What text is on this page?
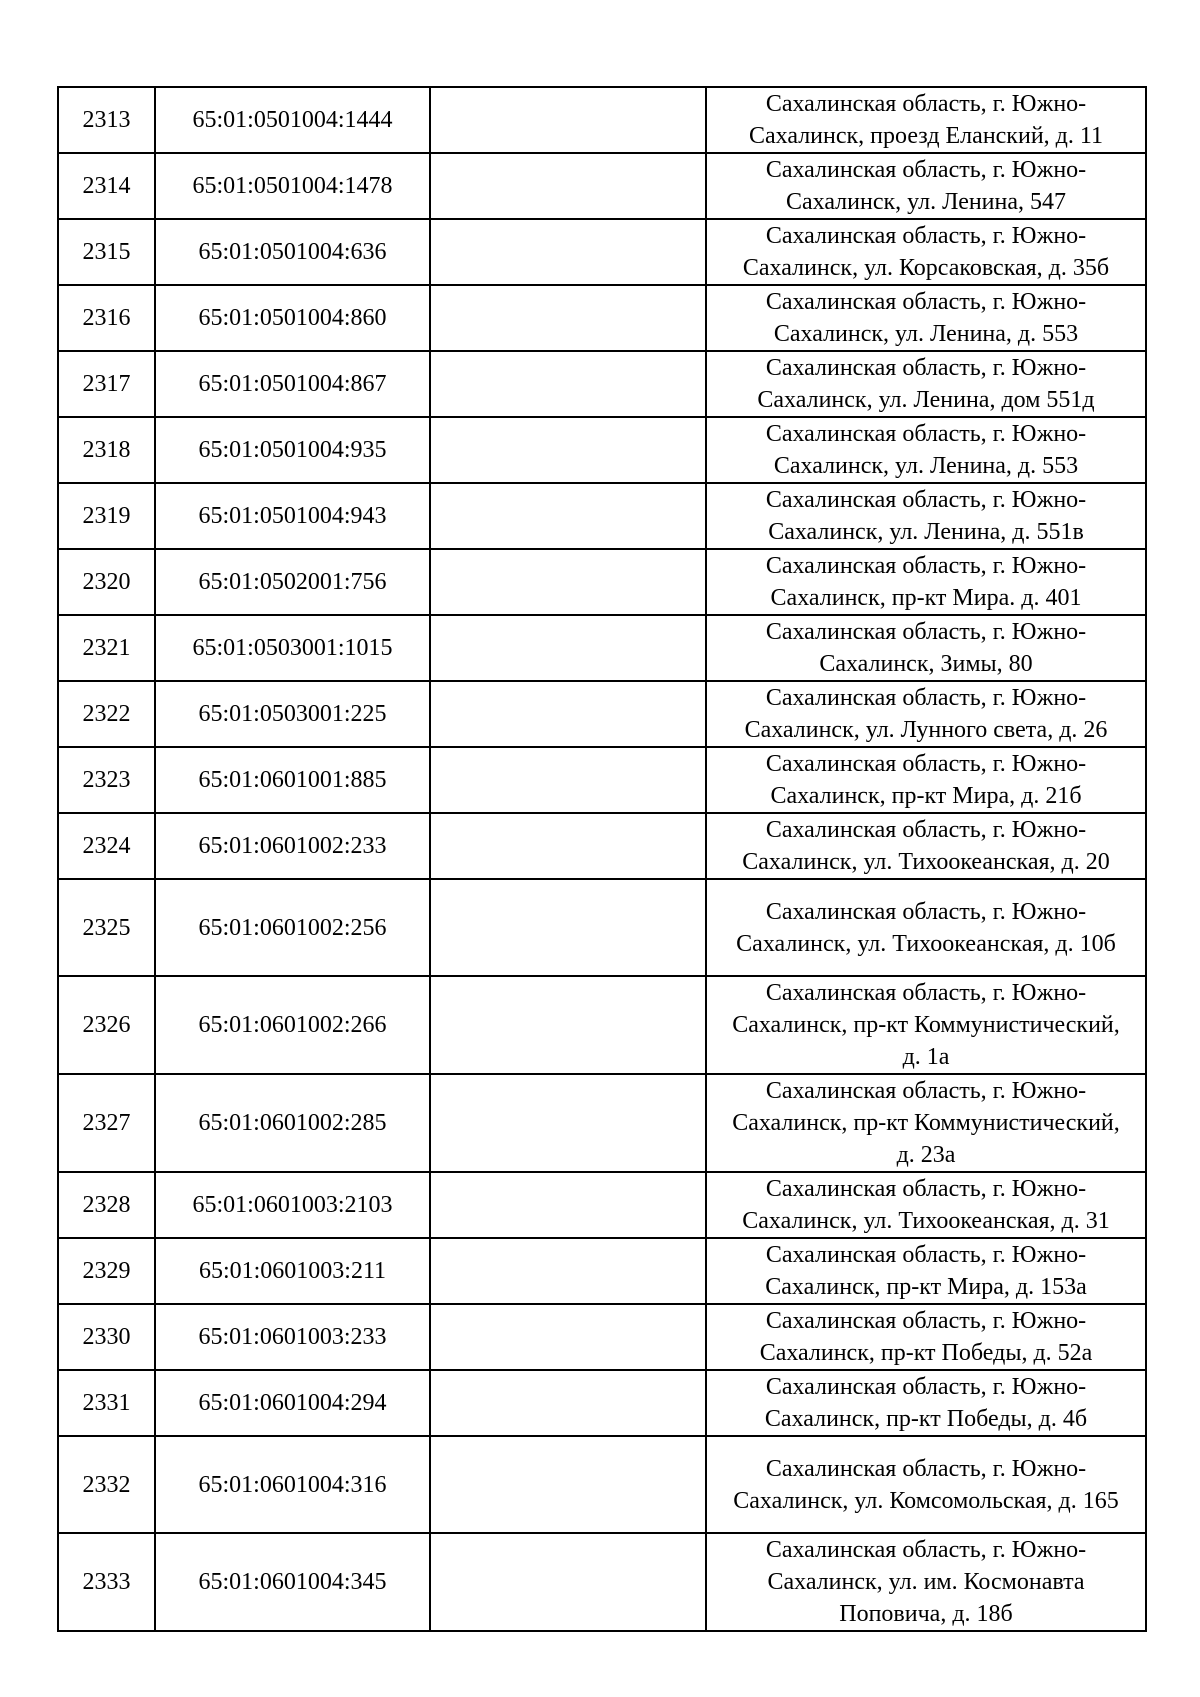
2313	65:01:0501004:1444		Сахалинская область, г. Южно-
Сахалинск, проезд Еланский, д. 11

2314	65:01:0501004:1478		Сахалинская область, г. Южно-
Сахалинск, ул. Ленина, 547

2315	65:01:0501004:636		Сахалинская область, г. Южно-
Сахалинск, ул. Корсаковская, д. 35б

2316	65:01:0501004:860		Сахалинская область, г. Южно-
Сахалинск, ул. Ленина, д. 553

2317	65:01:0501004:867		Сахалинская область, г. Южно-
Сахалинск, ул. Ленина, дом 551д

2318	65:01:0501004:935		Сахалинская область, г. Южно-
Сахалинск, ул. Ленина, д. 553

2319	65:01:0501004:943		Сахалинская область, г. Южно-
Сахалинск, ул. Ленина, д. 551в

2320	65:01:0502001:756		Сахалинская область, г. Южно-
Сахалинск, пр-кт Мира. д. 401

2321	65:01:0503001:1015		Сахалинская область, г. Южно-
Сахалинск, Зимы, 80

2322	65:01:0503001:225		Сахалинская область, г. Южно-
Сахалинск, ул. Лунного света, д. 26

2323	65:01:0601001:885		Сахалинская область, г. Южно-
Сахалинск, пр-кт Мира, д. 21б

2324	65:01:0601002:233		Сахалинская область, г. Южно-
Сахалинск, ул. Тихоокеанская, д. 20

2325	65:01:0601002:256		Сахалинская область, г. Южно-
Сахалинск, ул. Тихоокеанская, д. 10б

2326	65:01:0601002:266		Сахалинская область, г. Южно-
Сахалинск, пр-кт Коммунистический,
д. 1а

2327	65:01:0601002:285		Сахалинская область, г. Южно-
Сахалинск, пр-кт Коммунистический,
д. 23а

2328	65:01:0601003:2103		Сахалинская область, г. Южно-
Сахалинск, ул. Тихоокеанская, д. 31

2329	65:01:0601003:211		Сахалинская область, г. Южно-
Сахалинск, пр-кт Мира, д. 153а

2330	65:01:0601003:233		Сахалинская область, г. Южно-
Сахалинск, пр-кт Победы, д. 52а

2331	65:01:0601004:294		Сахалинская область, г. Южно-
Сахалинск, пр-кт Победы, д. 4б

2332	65:01:0601004:316		Сахалинская область, г. Южно-
Сахалинск, ул. Комсомольская, д. 165

2333	65:01:0601004:345		Сахалинская область, г. Южно-
Сахалинск, ул. им. Космонавта
Поповича, д. 18б
